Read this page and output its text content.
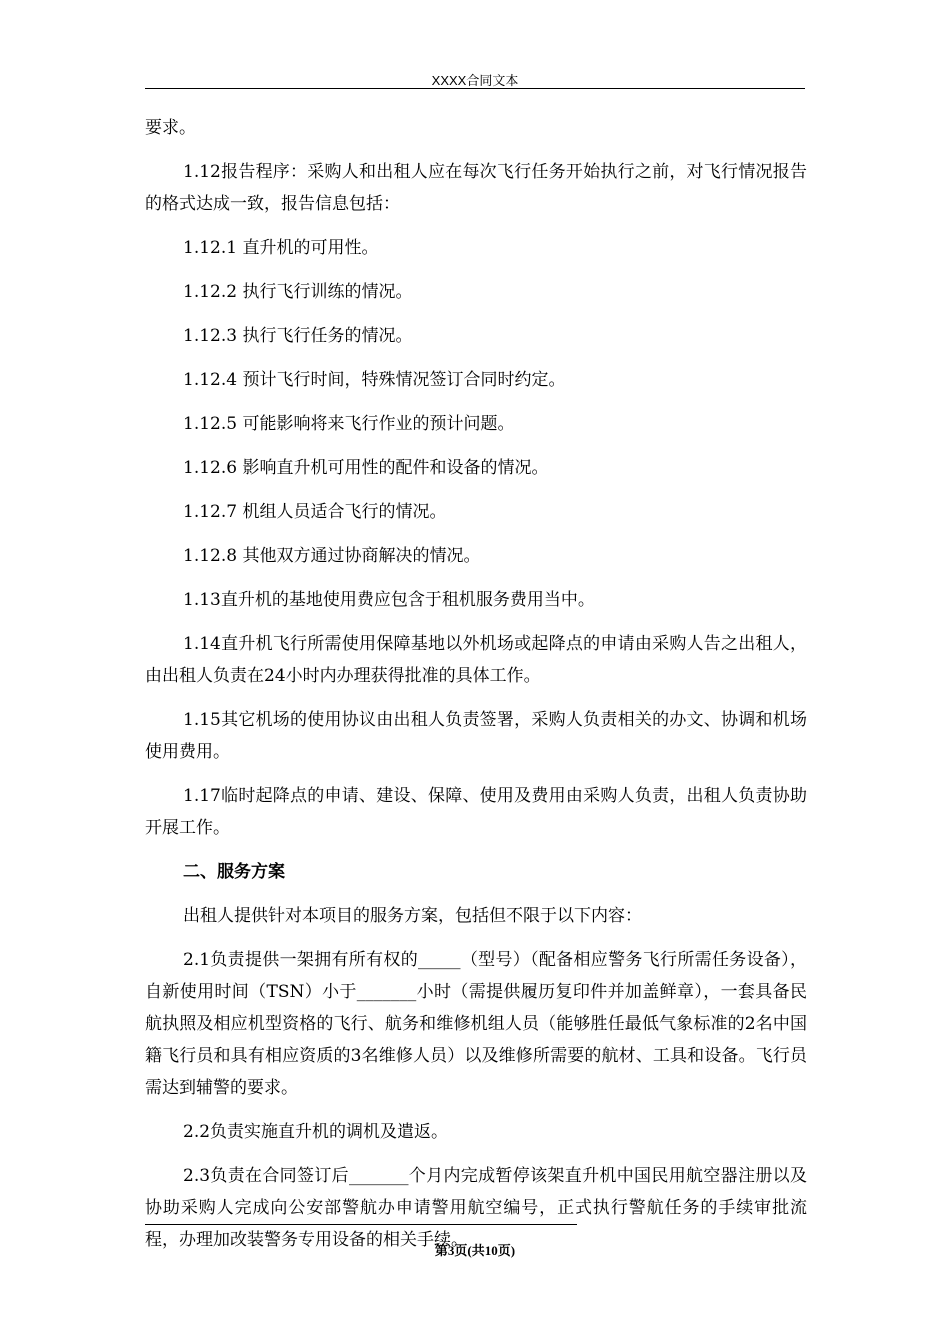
XXXX合同文本

要求。

1.12报告程序：采购人和出租人应在每次飞行任务开始执行之前，对飞行情况报告的格式达成一致，报告信息包括：

1.12.1 直升机的可用性。

1.12.2 执行飞行训练的情况。

1.12.3 执行飞行任务的情况。

1.12.4 预计飞行时间，特殊情况签订合同时约定。

1.12.5 可能影响将来飞行作业的预计问题。

1.12.6 影响直升机可用性的配件和设备的情况。

1.12.7 机组人员适合飞行的情况。

1.12.8 其他双方通过协商解决的情况。

1.13直升机的基地使用费应包含于租机服务费用当中。

1.14直升机飞行所需使用保障基地以外机场或起降点的申请由采购人告之出租人，由出租人负责在24小时内办理获得批准的具体工作。

1.15其它机场的使用协议由出租人负责签署，采购人负责相关的办文、协调和机场使用费用。

1.17临时起降点的申请、建设、保障、使用及费用由采购人负责，出租人负责协助开展工作。

二、服务方案

出租人提供针对本项目的服务方案，包括但不限于以下内容：

2.1负责提供一架拥有所有权的_____（型号）（配备相应警务飞行所需任务设备），自新使用时间（TSN）小于_______小时（需提供履历复印件并加盖鲜章），一套具备民航执照及相应机型资格的飞行、航务和维修机组人员（能够胜任最低气象标准的2名中国籍飞行员和具有相应资质的3名维修人员）以及维修所需要的航材、工具和设备。飞行员需达到辅警的要求。

2.2负责实施直升机的调机及遣返。

2.3负责在合同签订后_______个月内完成暂停该架直升机中国民用航空器注册以及协助采购人完成向公安部警航办申请警用航空编号，正式执行警航任务的手续审批流程，办理加改装警务专用设备的相关手续。

第3页(共10页)
